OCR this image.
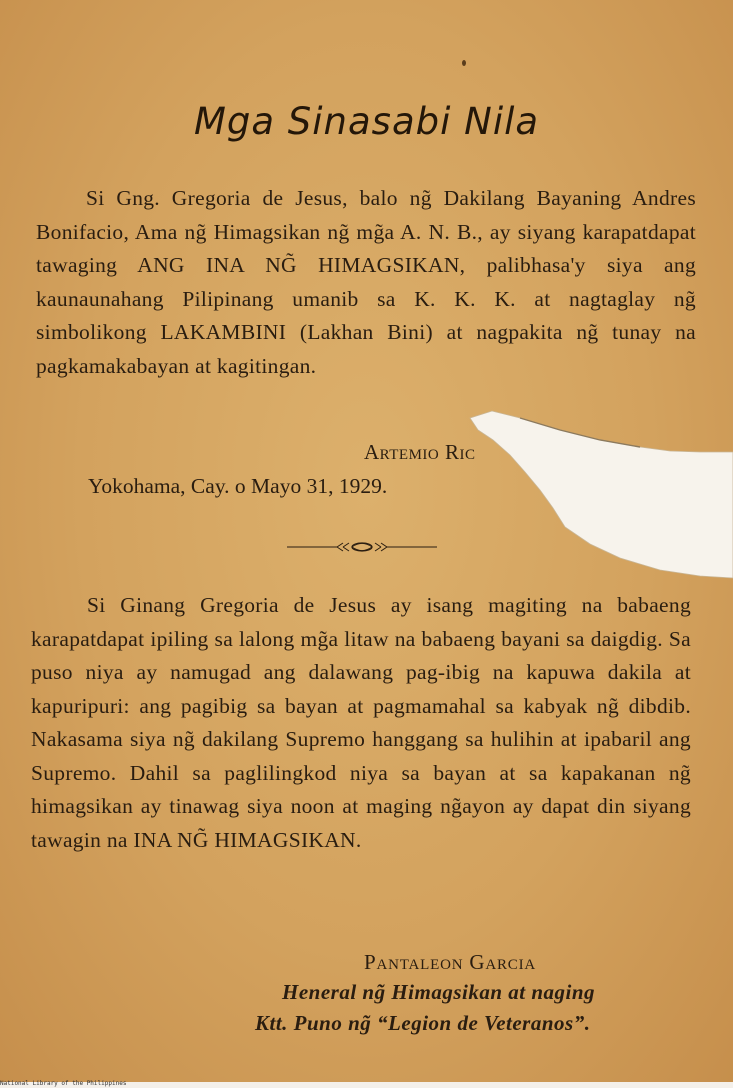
Mga Sinasabi Nila

Si Gng. Gregoria de Jesus, balo ng̃ Dakilang Bayaning Andres Bonifacio, Ama ng̃ Himagsikan ng̃ mg̃a A. N. B., ay siyang karapatdapat tawaging ANG INA NG̃ HIMAGSIKAN, palibhasa'y siya ang kaunaunahang Pilipinang umanib sa K. K. K. at nagtaglay ng̃ simbolikong LAKAMBINI (Lakhan Bini) at nagpakita ng̃ tunay na pagkamakabayan at kagitingan.

Artemio Ric
Yokohama, Cay. o Mayo 31, 1929.

Si Ginang Gregoria de Jesus ay isang magiting na babaeng karapatdapat ipiling sa lalong mg̃a litaw na babaeng bayani sa daigdig. Sa puso niya ay namugad ang dalawang pag-ibig na kapuwa dakila at kapuripuri: ang pagibig sa bayan at pagmamahal sa kabyak ng̃ dibdib. Nakasama siya ng̃ dakilang Supremo hanggang sa hulihin at ipabaril ang Supremo. Dahil sa paglilingkod niya sa bayan at sa kapakanan ng̃ himagsikan ay tinawag siya noon at maging ng̃ayon ay dapat din siyang tawagin na INA NG̃ HIMAGSIKAN.

Pantaleon Garcia
Heneral ng̃ Himagsikan at naging
Ktt. Puno ng̃ “Legion de Veteranos”.
National Library of the Philippines
